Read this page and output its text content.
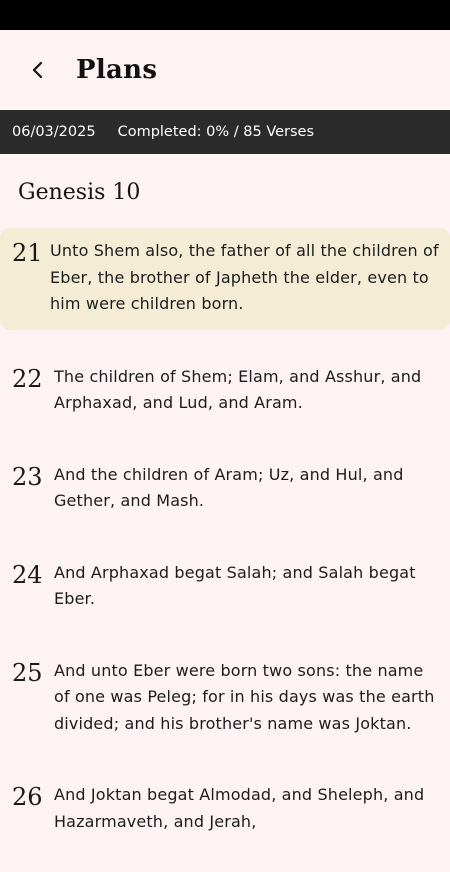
Plans
06/03/2025 Completed: 0% / 85 Verses
Genesis 10
21 Unto Shem also, the father of all the children of Eber, the brother of Japheth the elder, even to him were children born.
22 The children of Shem; Elam, and Asshur, and Arphaxad, and Lud, and Aram.
23 And the children of Aram; Uz, and Hul, and Gether, and Mash.
24 And Arphaxad begat Salah; and Salah begat Eber.
25 And unto Eber were born two sons: the name of one was Peleg; for in his days was the earth divided; and his brother's name was Joktan.
26 And Joktan begat Almodad, and Sheleph, and Hazarmaveth, and Jerah,
